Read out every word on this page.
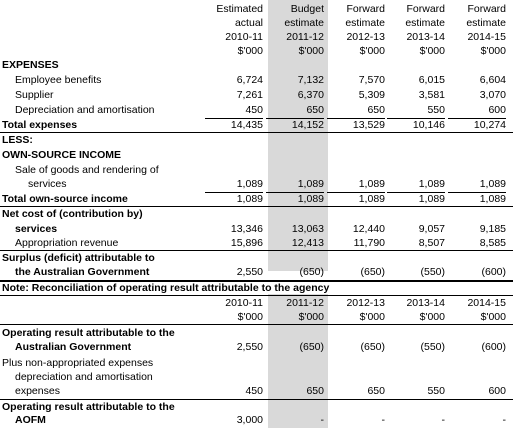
Estimated	Budget	Forward	Forward	Forward
actual	estimate	estimate	estimate	estimate
2010-11	2011-12	2012-13	2013-14	2014-15
$'000	$'000	$'000	$'000	$'000
EXPENSES
Employee benefits	6,724	7,132	7,570	6,015	6,604
Supplier	7,261	6,370	5,309	3,581	3,070
Depreciation and amortisation	450	650	650	550	600
Total expenses	14,435	14,152	13,529	10,146	10,274
LESS:
OWN-SOURCE INCOME
Sale of goods and rendering of
services	1,089	1,089	1,089	1,089	1,089
Total own-source income	1,089	1,089	1,089	1,089	1,089
Net cost of (contribution by)
services	13,346	13,063	12,440	9,057	9,185
Appropriation revenue	15,896	12,413	11,790	8,507	8,585
Surplus (deficit) attributable to
the Australian Government	2,550	(650)	(650)	(550)	(600)
Note: Reconciliation of operating result attributable to the agency
2010-11	2011-12	2012-13	2013-14	2014-15
$'000	$'000	$'000	$'000	$'000
Operating result attributable to the
Australian Government	2,550	(650)	(650)	(550)	(600)
Plus non-appropriated expenses
depreciation and amortisation
expenses	450	650	650	550	600
Operating result attributable to the
AOFM	3,000	-	-	-	-
